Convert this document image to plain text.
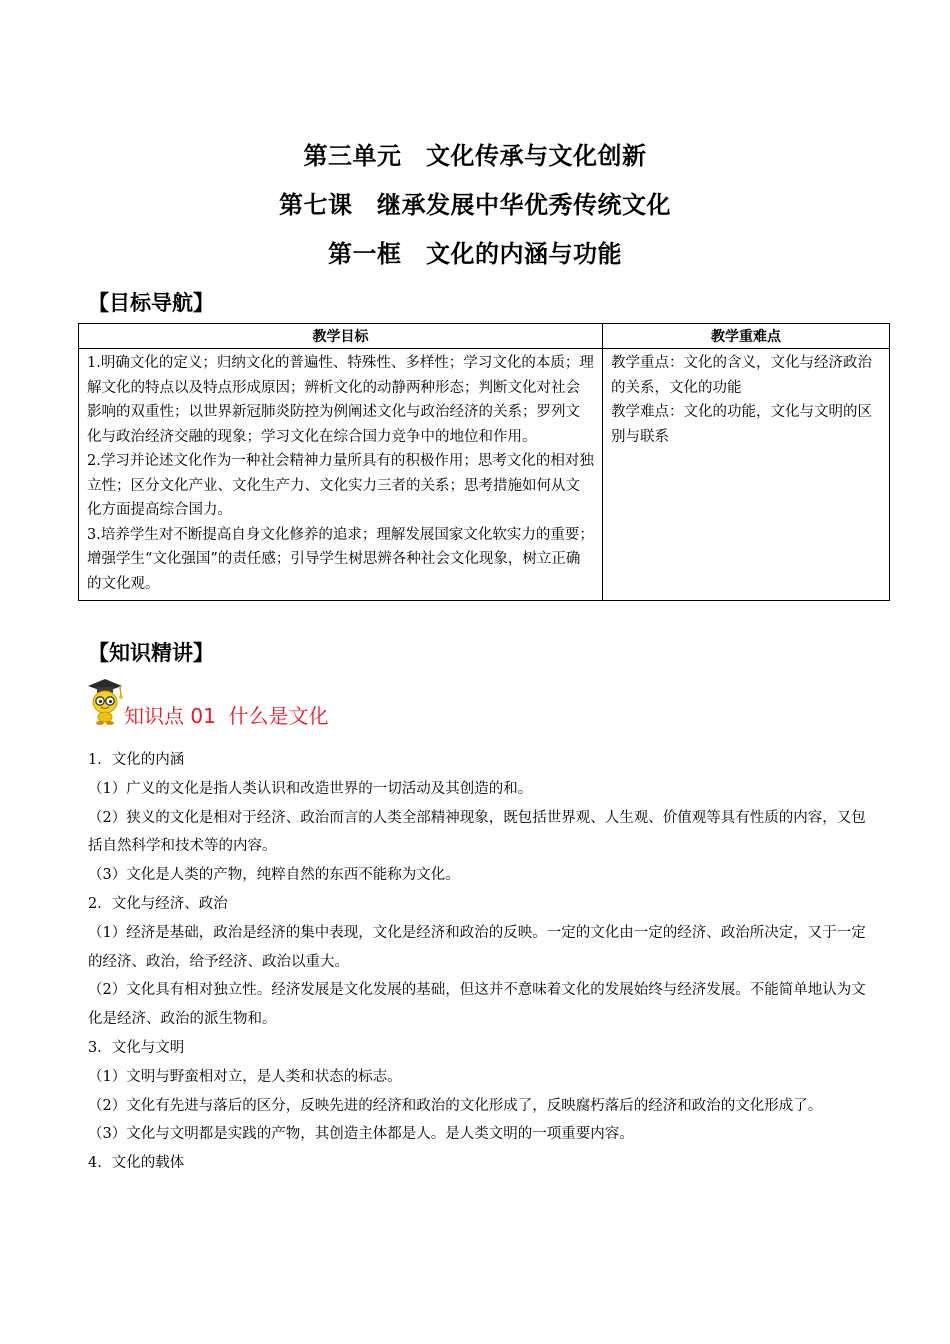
第三单元　文化传承与文化创新
第七课　继承发展中华优秀传统文化
第一框　文化的内涵与功能
【目标导航】
教学目标	教学重难点

1.明确文化的定义；归纳文化的普遍性、特殊性、多样性；学习文化的本质；理解文化的特点以及特点形成原因；辨析文化的动静两种形态；判断文化对社会影响的双重性；以世界新冠肺炎防控为例阐述文化与政治经济的关系；罗列文化与政治经济交融的现象；学习文化在综合国力竞争中的地位和作用。
2.学习并论述文化作为一种社会精神力量所具有的积极作用；思考文化的相对独立性；区分文化产业、文化生产力、文化实力三者的关系；思考措施如何从文化方面提高综合国力。
3.培养学生对不断提高自身文化修养的追求；理解发展国家文化软实力的重要；增强学生“文化强国”的责任感；引导学生树思辨各种社会文化现象，树立正确的文化观。	教学重点：文化的含义，文化与经济政治的关系，文化的功能
教学难点：文化的功能，文化与文明的区别与联系
【知识精讲】
知识点 01  什么是文化

1．文化的内涵

（1）广义的文化是指人类认识和改造世界的一切活动及其创造的和。

（2）狭义的文化是相对于经济、政治而言的人类全部精神现象，既包括世界观、人生观、价值观等具有性质的内容，又包括自然科学和技术等的内容。

（3）文化是人类的产物，纯粹自然的东西不能称为文化。

2．文化与经济、政治

（1）经济是基础，政治是经济的集中表现，文化是经济和政治的反映。一定的文化由一定的经济、政治所决定，又于一定的经济、政治，给予经济、政治以重大。

（2）文化具有相对独立性。经济发展是文化发展的基础，但这并不意味着文化的发展始终与经济发展。不能简单地认为文化是经济、政治的派生物和。

3．文化与文明

（1）文明与野蛮相对立，是人类和状态的标志。

（2）文化有先进与落后的区分，反映先进的经济和政治的文化形成了，反映腐朽落后的经济和政治的文化形成了。

（3）文化与文明都是实践的产物，其创造主体都是人。是人类文明的一项重要内容。

4．文化的载体
